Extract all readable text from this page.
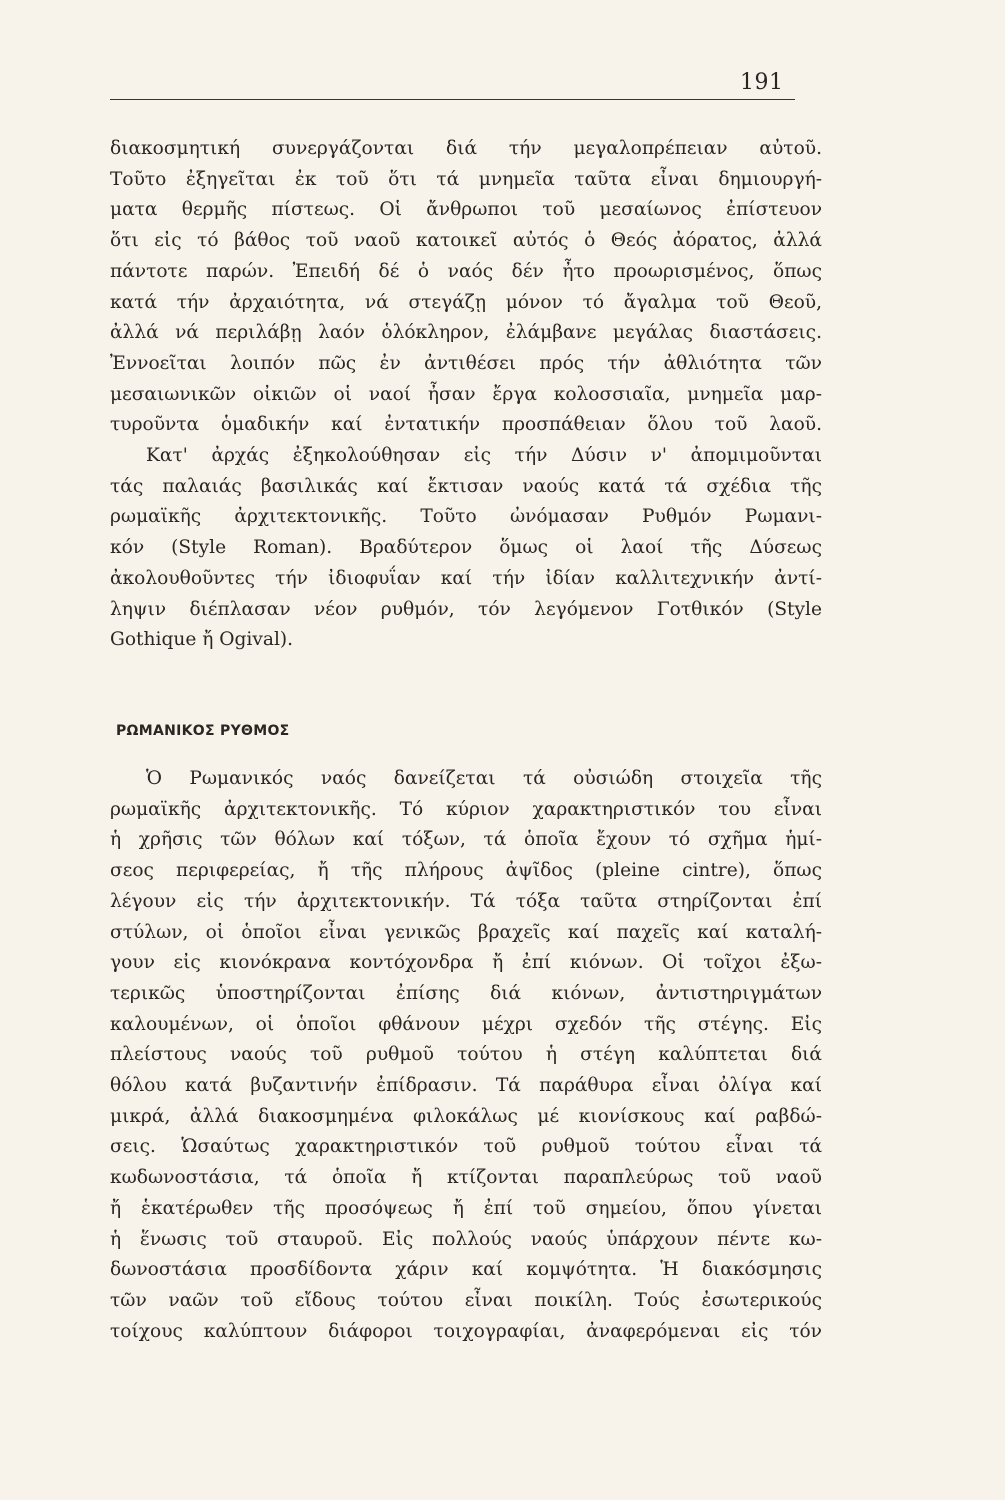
191
διακοσμητική συνεργάζονται διά τήν μεγαλοπρέπειαν αὐτοῦ.
Τοῦτο ἐξηγεῖται ἐκ τοῦ ὅτι τά μνημεῖα ταῦτα εἶναι δημιουργή-
ματα θερμῆς πίστεως. Οἱ ἄνθρωποι τοῦ μεσαίωνος ἐπίστευον
ὅτι εἰς τό βάθος τοῦ ναοῦ κατοικεῖ αὐτός ὁ Θεός ἀόρατος, ἀλλά
πάντοτε παρών. Ἐπειδή δέ ὁ ναός δέν ἦτο προωρισμένος, ὅπως
κατά τήν ἀρχαιότητα, νά στεγάζῃ μόνον τό ἄγαλμα τοῦ Θεοῦ,
ἀλλά νά περιλάβῃ λαόν ὁλόκληρον, ἐλάμβανε μεγάλας διαστάσεις.
Ἐννοεῖται λοιπόν πῶς ἐν ἀντιθέσει πρός τήν ἀθλιότητα τῶν
μεσαιωνικῶν οἰκιῶν οἱ ναοί ἦσαν ἔργα κολοσσιαῖα, μνημεῖα μαρ-
τυροῦντα ὁμαδικήν καί ἐντατικήν προσπάθειαν ὅλου τοῦ λαοῦ.
Κατ' ἀρχάς ἐξηκολούθησαν εἰς τήν Δύσιν ν' ἀπομιμοῦνται
τάς παλαιάς βασιλικάς καί ἔκτισαν ναούς κατά τά σχέδια τῆς
ρωμαϊκῆς ἀρχιτεκτονικῆς. Τοῦτο ὠνόμασαν Ρυθμόν Ρωμανι-
κόν (Style Roman). Βραδύτερον ὅμως οἱ λαοί τῆς Δύσεως
ἀκολουθοῦντες τήν ἰδιοφυΐαν καί τήν ἰδίαν καλλιτεχνικήν ἀντί-
ληψιν διέπλασαν νέον ρυθμόν, τόν λεγόμενον Γοτθικόν (Style
Gothique ἤ Ogival).
ΡΩΜΑΝΙΚΟΣ ΡΥΘΜΟΣ
Ὁ Ρωμανικός ναός δανείζεται τά οὐσιώδη στοιχεῖα τῆς
ρωμαϊκῆς ἀρχιτεκτονικῆς. Τό κύριον χαρακτηριστικόν του εἶναι
ἡ χρῆσις τῶν θόλων καί τόξων, τά ὁποῖα ἔχουν τό σχῆμα ἡμί-
σεος περιφερείας, ἤ τῆς πλήρους ἀψῖδος (pleine cintre), ὅπως
λέγουν εἰς τήν ἀρχιτεκτονικήν. Τά τόξα ταῦτα στηρίζονται ἐπί
στύλων, οἱ ὁποῖοι εἶναι γενικῶς βραχεῖς καί παχεῖς καί καταλή-
γουν εἰς κιονόκρανα κοντόχονδρα ἤ ἐπί κιόνων. Οἱ τοῖχοι ἐξω-
τερικῶς ὑποστηρίζονται ἐπίσης διά κιόνων, ἀντιστηριγμάτων
καλουμένων, οἱ ὁποῖοι φθάνουν μέχρι σχεδόν τῆς στέγης. Εἰς
πλείστους ναούς τοῦ ρυθμοῦ τούτου ἡ στέγη καλύπτεται διά
θόλου κατά βυζαντινήν ἐπίδρασιν. Τά παράθυρα εἶναι ὀλίγα καί
μικρά, ἀλλά διακοσμημένα φιλοκάλως μέ κιονίσκους καί ραβδώ-
σεις. Ὡσαύτως χαρακτηριστικόν τοῦ ρυθμοῦ τούτου εἶναι τά
κωδωνοστάσια, τά ὁποῖα ἤ κτίζονται παραπλεύρως τοῦ ναοῦ
ἤ ἑκατέρωθεν τῆς προσόψεως ἤ ἐπί τοῦ σημείου, ὅπου γίνεται
ἡ ἕνωσις τοῦ σταυροῦ. Εἰς πολλούς ναούς ὑπάρχουν πέντε κω-
δωνοστάσια προσδίδοντα χάριν καί κομψότητα. Ἡ διακόσμησις
τῶν ναῶν τοῦ εἴδους τούτου εἶναι ποικίλη. Τούς ἐσωτερικούς
τοίχους καλύπτουν διάφοροι τοιχογραφίαι, ἀναφερόμεναι εἰς τόν
